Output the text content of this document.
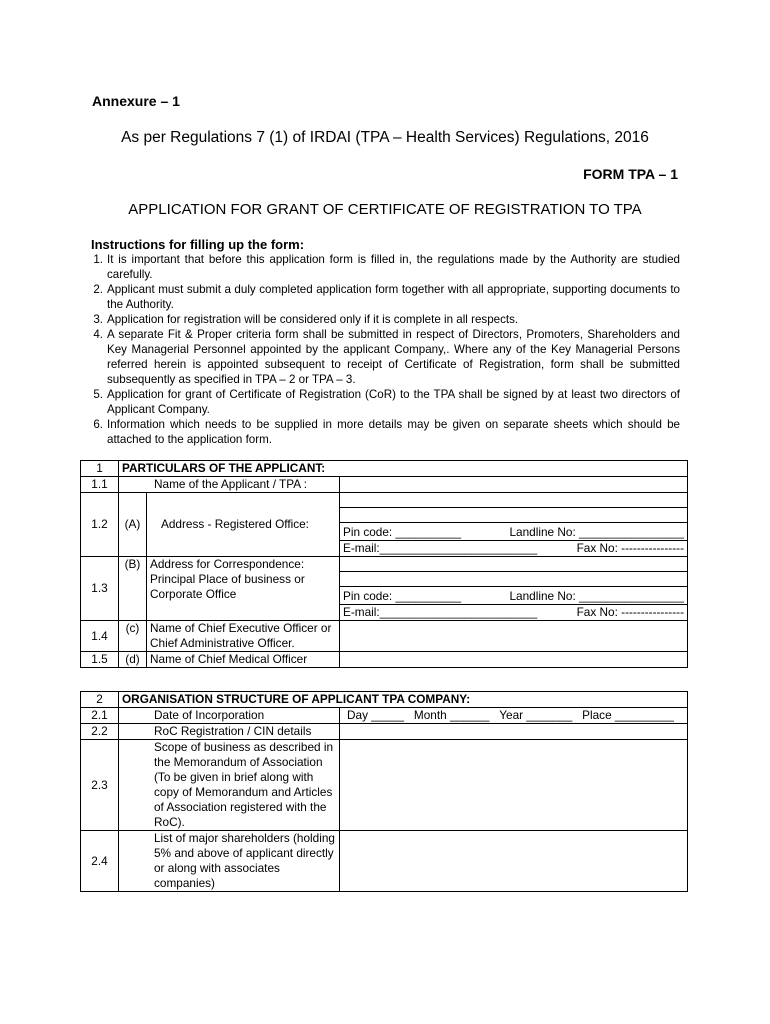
Annexure – 1
As per Regulations 7 (1) of IRDAI (TPA – Health Services) Regulations, 2016
FORM TPA – 1
APPLICATION FOR GRANT OF CERTIFICATE OF REGISTRATION TO TPA
Instructions for filling up the form:
1. It is important that before this application form is filled in, the regulations made by the Authority are studied carefully.
2. Applicant must submit a duly completed application form together with all appropriate, supporting documents to the Authority.
3. Application for registration will be considered only if it is complete in all respects.
4. A separate Fit & Proper criteria form shall be submitted in respect of Directors, Promoters, Shareholders and Key Managerial Personnel appointed by the applicant Company,. Where any of the Key Managerial Persons referred herein is appointed subsequent to receipt of Certificate of Registration, form shall be submitted subsequently as specified in TPA – 2 or TPA – 3.
5. Application for grant of Certificate of Registration (CoR) to the TPA shall be signed by at least two directors of Applicant Company.
6. Information which needs to be supplied in more details may be given on separate sheets which should be attached to the application form.
1	PARTICULARS OF THE APPLICANT:		
1.1	Name of the Applicant / TPA :		
1.2	(A)	Address - Registered Office:	

			Pin code: __________ Landline No: ________________

			E-mail:________________________ Fax No: ----------------

1.3	(B)	Address for Correspondence: Principal Place of business or Corporate Office	

			Pin code: __________ Landline No: ________________

			E-mail:________________________ Fax No: ----------------

1.4	(c)	Name of Chief Executive Officer or Chief Administrative Officer.	
1.5	(d)	Name of Chief Medical Officer	
2	ORGANISATION STRUCTURE OF APPLICANT TPA COMPANY:	
2.1	Date of Incorporation	Day _____ Month ______ Year _______ Place _________

2.2	RoC Registration / CIN details	
2.3	Scope of business as described in the Memorandum of Association (To be given in brief along with copy of Memorandum and Articles of Association registered with the RoC).	
2.4	List of major shareholders (holding 5% and above of applicant directly or along with associates companies)	
